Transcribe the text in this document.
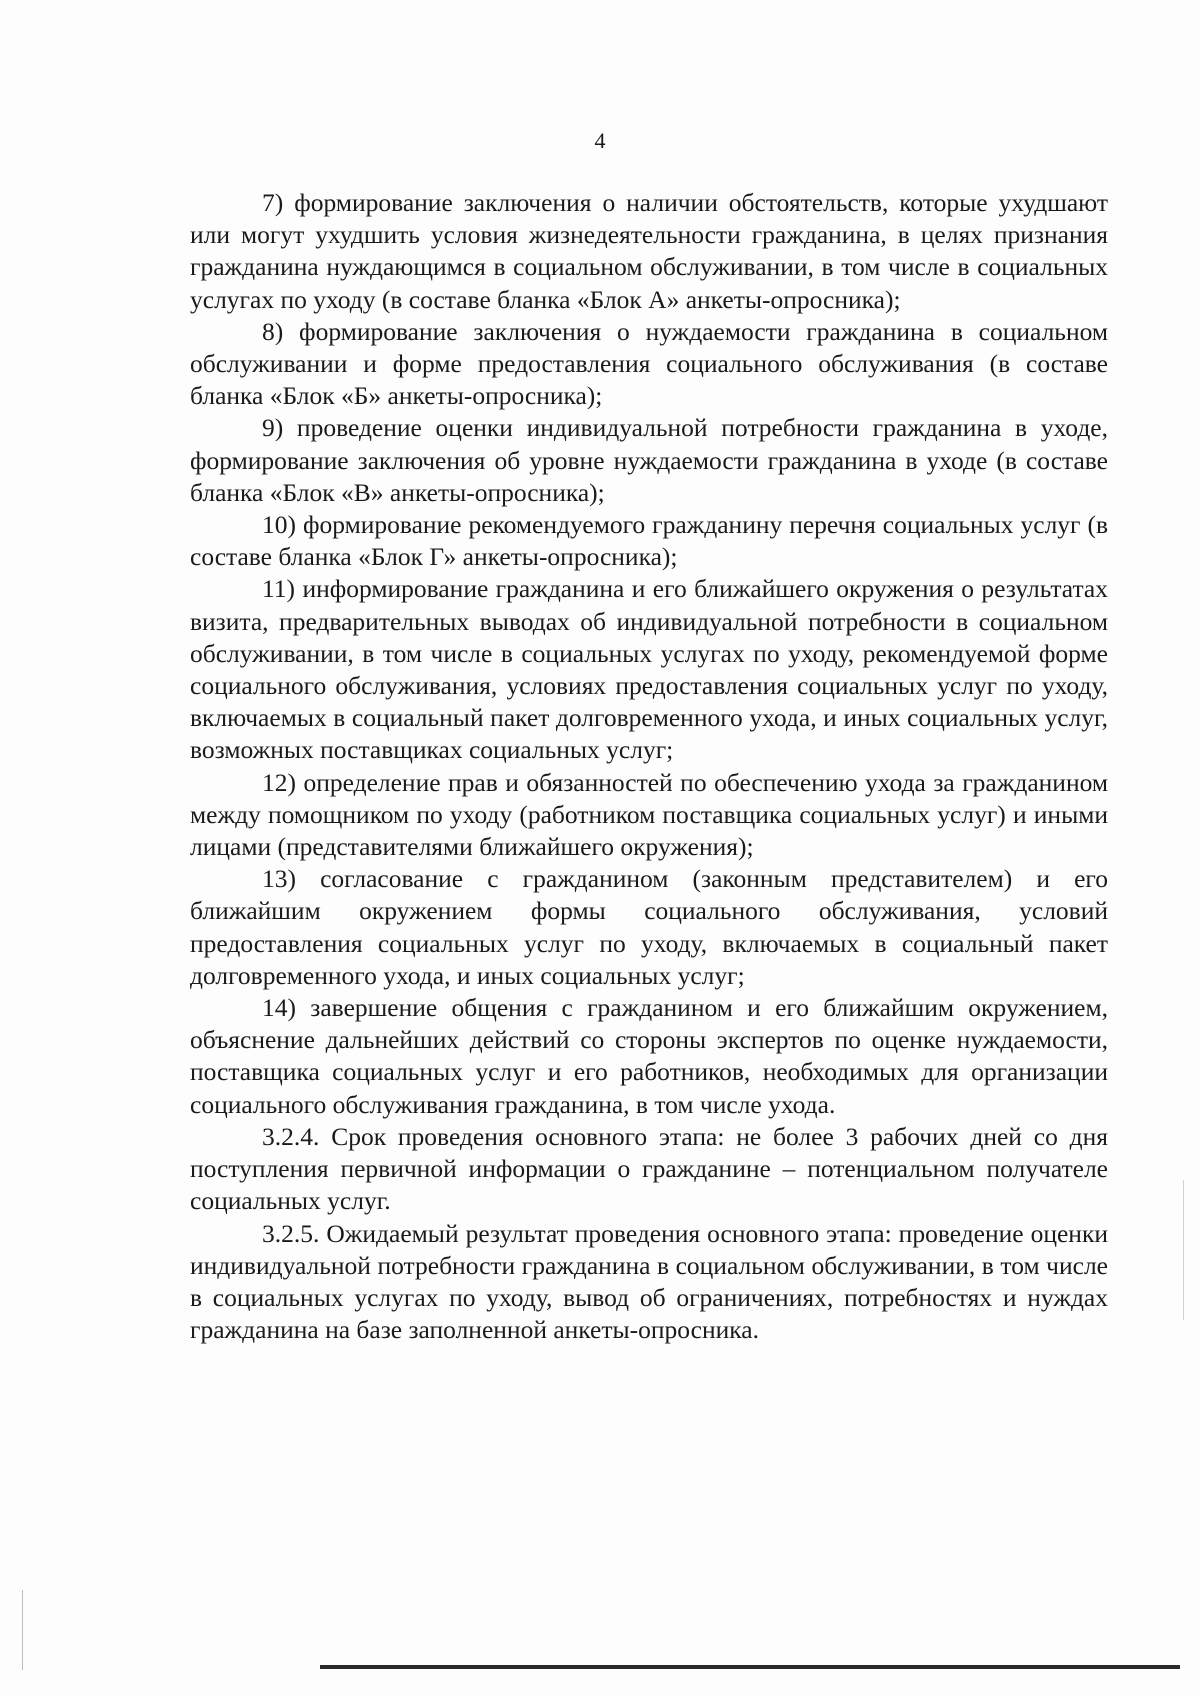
4

7) формирование заключения о наличии обстоятельств, которые ухудшают или могут ухудшить условия жизнедеятельности гражданина, в целях признания гражданина нуждающимся в социальном обслуживании, в том числе в социальных услугах по уходу (в составе бланка «Блок А» анкеты-опросника);

8) формирование заключения о нуждаемости гражданина в социальном обслуживании и форме предоставления социального обслуживания (в составе бланка «Блок «Б» анкеты-опросника);

9) проведение оценки индивидуальной потребности гражданина в уходе, формирование заключения об уровне нуждаемости гражданина в уходе (в составе бланка «Блок «В» анкеты-опросника);

10) формирование рекомендуемого гражданину перечня социальных услуг (в составе бланка «Блок Г» анкеты-опросника);

11) информирование гражданина и его ближайшего окружения о результатах визита, предварительных выводах об индивидуальной потребности в социальном обслуживании, в том числе в социальных услугах по уходу, рекомендуемой форме социального обслуживания, условиях предоставления социальных услуг по уходу, включаемых в социальный пакет долговременного ухода, и иных социальных услуг, возможных поставщиках социальных услуг;

12) определение прав и обязанностей по обеспечению ухода за гражданином между помощником по уходу (работником поставщика социальных услуг) и иными лицами (представителями ближайшего окружения);

13) согласование с гражданином (законным представителем) и его ближайшим окружением формы социального обслуживания, условий предоставления социальных услуг по уходу, включаемых в социальный пакет долговременного ухода, и иных социальных услуг;

14) завершение общения с гражданином и его ближайшим окружением, объяснение дальнейших действий со стороны экспертов по оценке нуждаемости, поставщика социальных услуг и его работников, необходимых для организации социального обслуживания гражданина, в том числе ухода.

3.2.4. Срок проведения основного этапа: не более 3 рабочих дней со дня поступления первичной информации о гражданине – потенциальном получателе социальных услуг.

3.2.5. Ожидаемый результат проведения основного этапа: проведение оценки индивидуальной потребности гражданина в социальном обслуживании, в том числе в социальных услугах по уходу, вывод об ограничениях, потребностях и нуждах гражданина на базе заполненной анкеты-опросника.
